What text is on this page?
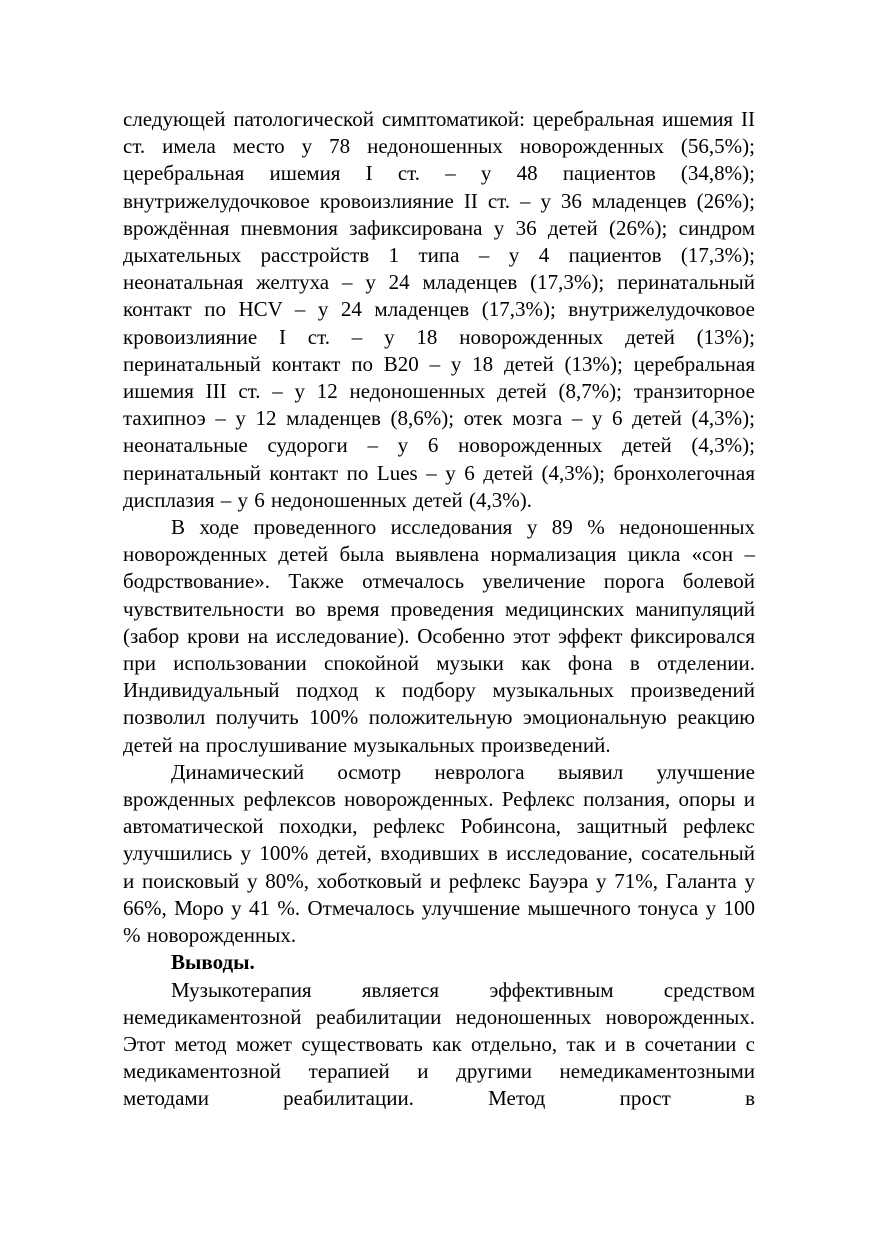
следующей патологической симптоматикой: церебральная ишемия II ст. имела место у 78 недоношенных новорожденных (56,5%); церебральная ишемия I ст. – у 48 пациентов (34,8%); внутрижелудочковое кровоизлияние II ст. – у 36 младенцев (26%); врождённая пневмония зафиксирована у 36 детей (26%); синдром дыхательных расстройств 1 типа – у 4 пациентов (17,3%); неонатальная желтуха – у 24 младенцев (17,3%); перинатальный контакт по HCV – у 24 младенцев (17,3%); внутрижелудочковое кровоизлияние I ст. – у 18 новорожденных детей (13%); перинатальный контакт по В20 – у 18 детей (13%); церебральная ишемия III ст. – у 12 недоношенных детей (8,7%); транзиторное тахипноэ – у 12 младенцев (8,6%); отек мозга – у 6 детей (4,3%); неонатальные судороги – у 6 новорожденных детей (4,3%); перинатальный контакт по Lues – у 6 детей (4,3%); бронхолегочная дисплазия – у 6 недоношенных детей (4,3%).

В ходе проведенного исследования у 89 % недоношенных новорожденных детей была выявлена нормализация цикла «сон – бодрствование». Также отмечалось увеличение порога болевой чувствительности во время проведения медицинских манипуляций (забор крови на исследование). Особенно этот эффект фиксировался при использовании спокойной музыки как фона в отделении. Индивидуальный подход к подбору музыкальных произведений позволил получить 100% положительную эмоциональную реакцию детей на прослушивание музыкальных произведений.

Динамический осмотр невролога выявил улучшение врожденных рефлексов новорожденных. Рефлекс ползания, опоры и автоматической походки, рефлекс Робинсона, защитный рефлекс улучшились у 100% детей, входивших в исследование, сосательный и поисковый у 80%, хоботковый и рефлекс Бауэра у 71%, Галанта у 66%, Моро у 41 %. Отмечалось улучшение мышечного тонуса у 100 % новорожденных.

Выводы.

Музыкотерапия является эффективным средством немедикаментозной реабилитации недоношенных новорожденных. Этот метод может существовать как отдельно, так и в сочетании с медикаментозной терапией и другими немедикаментозными методами реабилитации. Метод прост в
